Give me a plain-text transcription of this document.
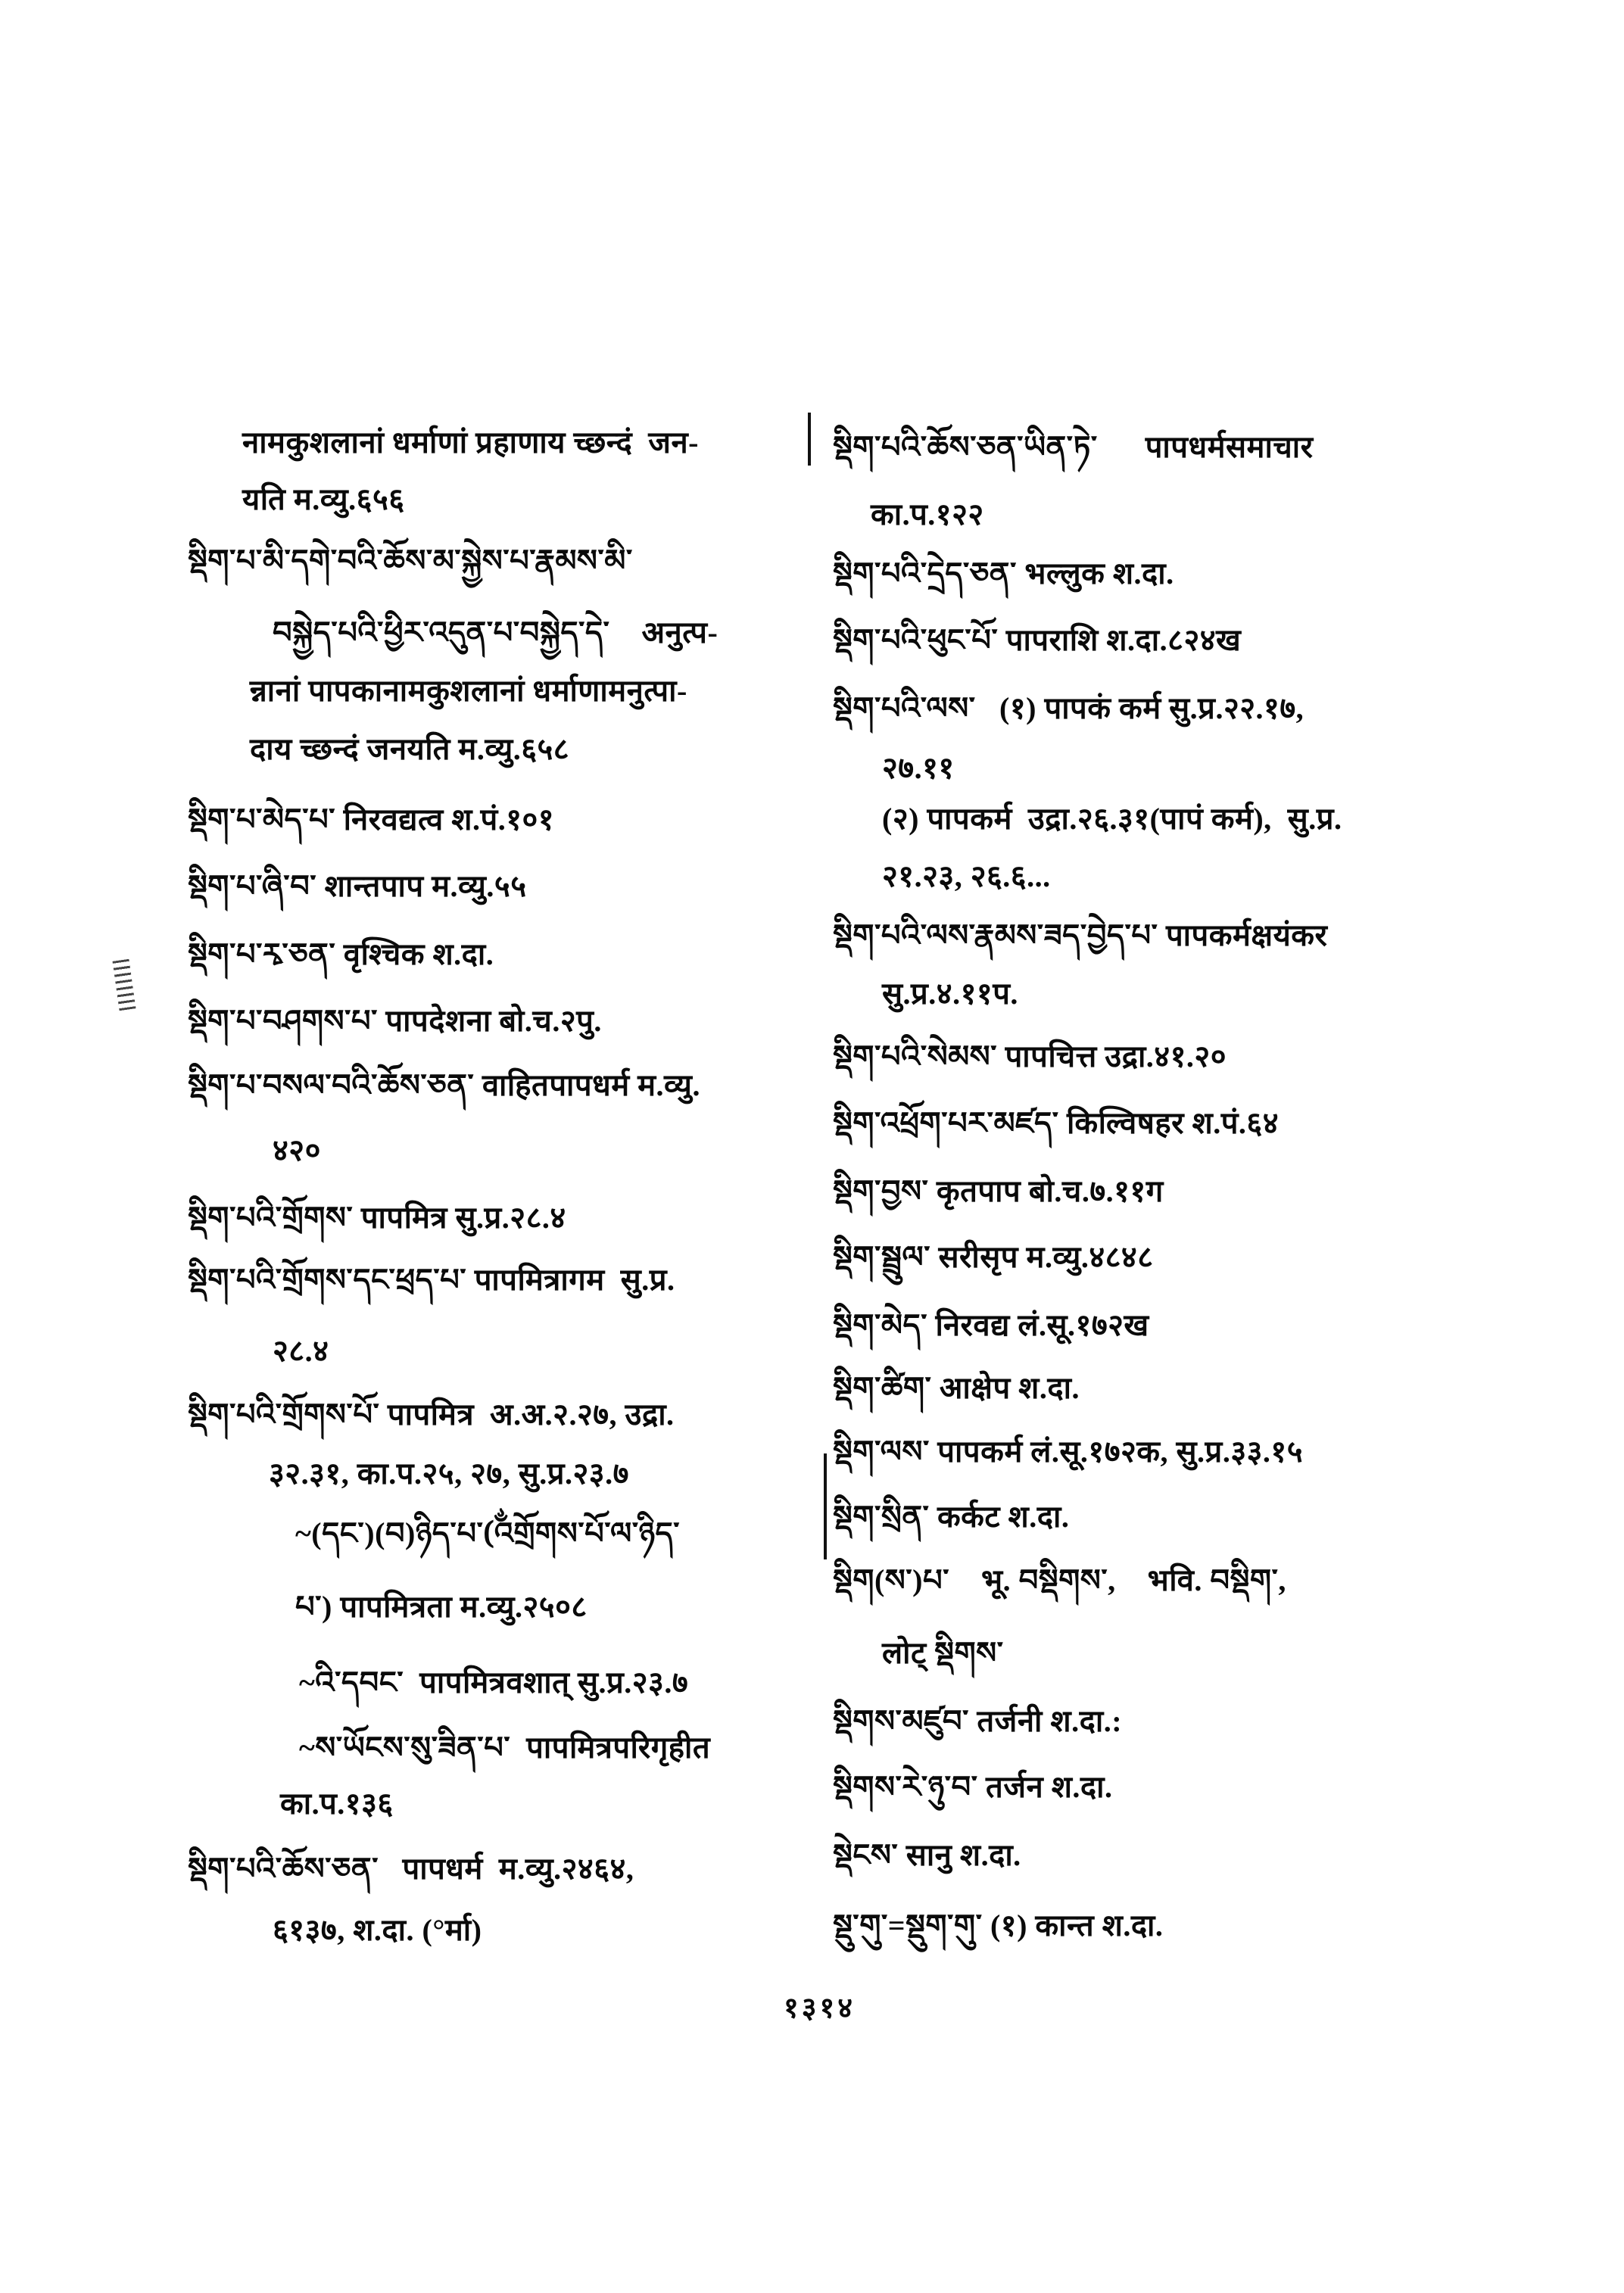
नामकुशलानां धर्माणां प्रहाणाय च्छन्दं  जन-
यति म.व्यु.६५६
སྡིག་པ་མི་དགེ་བའི་ཆོས་མ་སྐྱེས་པ་རྣམས་མི་
བསྐྱེད་པའི་ཕྱིར་འདུན་པ་བསྐྱེད་དེ་    अनुत्प-
न्नानां पापकानामकुशलानां धर्माणामनुत्पा-
दाय च्छन्दं जनयति म.व्यु.६५८
སྡིག་པ་མེད་པ་ निरवद्यत्व श.पं.१०१
སྡིག་པ་ཞི་བ་ शान्तपाप म.व्यु.५५
སྡིག་པ་རྭ་ཅན་ वृश्चिक श.दा.
སྡིག་པ་བཤགས་པ་ पापदेशना बो.च.२पु.
སྡིག་པ་བསལ་བའི་ཆོས་ཅན་ वाहितपापधर्म म.व्यु.
४२०
སྡིག་པའི་གྲོགས་ पापमित्र सु.प्र.२८.४
སྡིག་པའི་གྲོགས་དང་ཕྲད་པ་ पापमित्रागम  सु.प्र.
२८.४
སྡིག་པའི་གྲོགས་པོ་ पापमित्र  अ.अ.२.२७, उद्रा.
३२.३१, का.प.२५, २७, सु.प्र.२३.७
~(དང་)(བ)ཉིད་པ་(ྂའགྲོགས་པོ་ལ་ཉིད་
པ་) पापमित्रता म.व्यु.२५०८
~འི་དབང་  पापमित्रवशात् सु.प्र.२३.७
~ས་ཡོངས་སུ་ཟིན་པ་  पापमित्रपरिगृहीत
का.प.१३६
སྡིག་པའི་ཆོས་ཅན་   पापधर्म  म.व्यु.२४६४,
६१३७, श.दा. (°र्मा)
སྡིག་པའི་ཆོས་ཅན་ཡིན་ཏེ་      पापधर्मसमाचार
का.प.१२२
སྡིག་པའི་དྲེད་ཅན་ भल्लुक श.दा.
སྡིག་པའི་ཕུང་པོ་ पापराशि श.दा.८२४ख
སྡིག་པའི་ལས་   (१) पापकं कर्म सु.प्र.२२.१७,
२७.११
(२) पापकर्म  उद्रा.२६.३१(पापं कर्म),  सु.प्र.
२१.२३, २६.६...
སྡིག་པའི་ལས་རྣམས་ཟད་བྱེད་པ་ पापकर्मक्षयंकर
सु.प्र.४.११प.
སྡིག་པའི་སེམས་ पापचित्त उद्रा.४१.२०
སྡིག་འཕྲོག་པར་མཛད་ किल्विषहर श.पं.६४
སྡིག་བྱས་ कृतपाप बो.च.७.११ग
སྡིག་སྦྲུལ་ सरीसृप म.व्यु.४८४८
སྡིག་མེད་ निरवद्य लं.सू.१७२ख
སྡིག་ཚིག་ आक्षेप श.दा.
སྡིག་ལས་ पापकर्म लं.सू.१७२क, सु.प्र.३३.१५
སྡིག་སྲིན་ कर्कट श.दा.
སྡིག(ས་)པ་    भू. བསྡིགས་,    भवि. བསྡིག་,
लोट् སྡིགས་
སྡིགས་མཛུབ་ तर्जनी श.दा.:
སྡིགས་རེ་ཉུ་བ་ तर्जन श.दा.
སྡེངས་ सानु श.दा.
སྡུ་གུ་=སྡུག་གུ་ (१) कान्त श.दा.
१३१४
